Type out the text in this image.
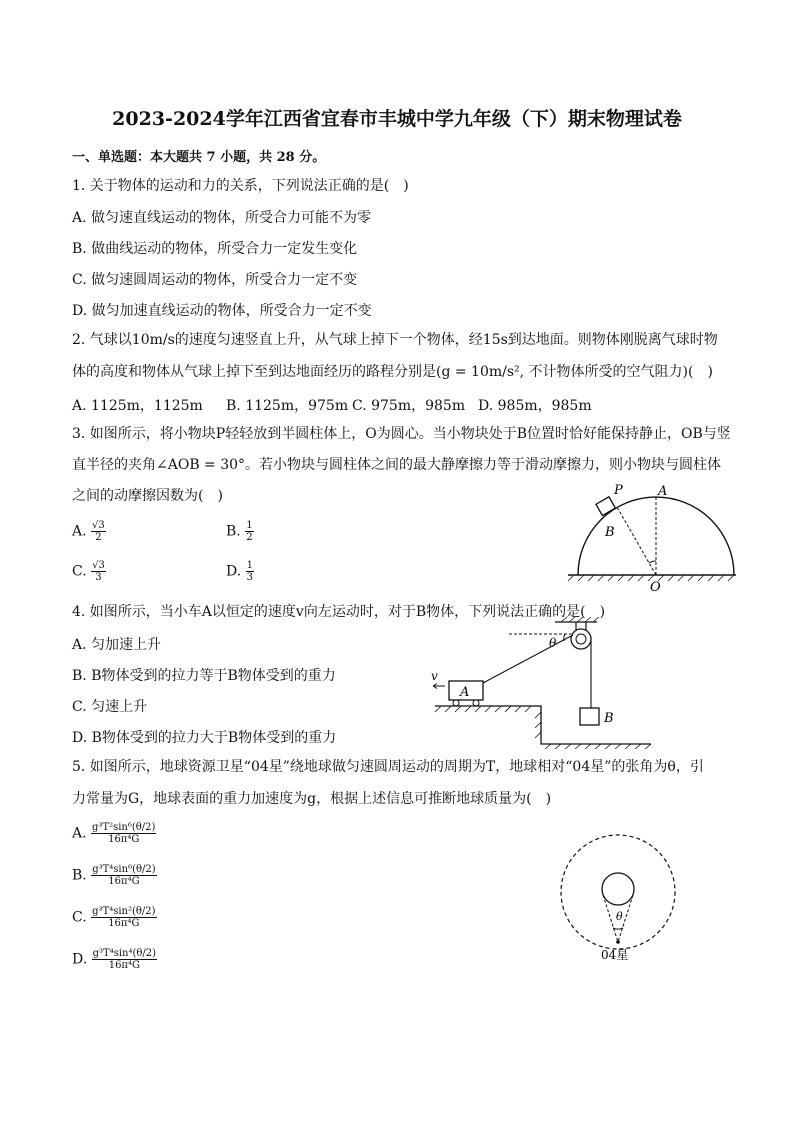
2023-2024学年江西省宜春市丰城中学九年级（下）期末物理试卷
一、单选题：本大题共 7 小题，共 28 分。
1. 关于物体的运动和力的关系，下列说法正确的是(　)
A. 做匀速直线运动的物体，所受合力可能不为零
B. 做曲线运动的物体，所受合力一定发生变化
C. 做匀速圆周运动的物体，所受合力一定不变
D. 做匀加速直线运动的物体，所受合力一定不变
2. 气球以10m/s的速度匀速竖直上升，从气球上掉下一个物体，经15s到达地面。则物体刚脱离气球时物
体的高度和物体从气球上掉下至到达地面经历的路程分别是(g = 10m/s², 不计物体所受的空气阻力)(　)
A. 1125m，1125m B. 1125m，975m C. 975m，985m D. 985m，985m
3. 如图所示，将小物块P轻轻放到半圆柱体上，O为圆心。当小物块处于B位置时恰好能保持静止，OB与竖
直半径的夹角∠AOB = 30°。若小物块与圆柱体之间的最大静摩擦力等于滑动摩擦力，则小物块与圆柱体
之间的动摩擦因数为(　)
A. $\frac{√3}{2}$	B. $\frac{1}{2}$
C. $\frac{√3}{3}$	D. $\frac{1}{3}$
P	A
B
O
4. 如图所示，当小车A以恒定的速度v向左运动时，对于B物体，下列说法正确的是(　)
A. 匀加速上升
B. B物体受到的拉力等于B物体受到的重力
C. 匀速上升
D. B物体受到的拉力大于B物体受到的重力
θ
B
A
v
5. 如图所示，地球资源卫星“04星”绕地球做匀速圆周运动的周期为T，地球相对“04星”的张角为θ，引
力常量为G，地球表面的重力加速度为g，根据上述信息可推断地球质量为(　)
A. $\frac{\text{g³T²sin⁶(θ/2)}}{\text{16π⁴G}}$
B. $\frac{\text{g³T⁴sin⁶(θ/2)}}{\text{16π⁴G}}$
C. $\frac{\text{g³T⁴sin²(θ/2)}}{\text{16π⁴G}}$
D. $\frac{\text{g³T⁴sin⁴(θ/2)}}{\text{16π⁴G}}$
θ
04星
